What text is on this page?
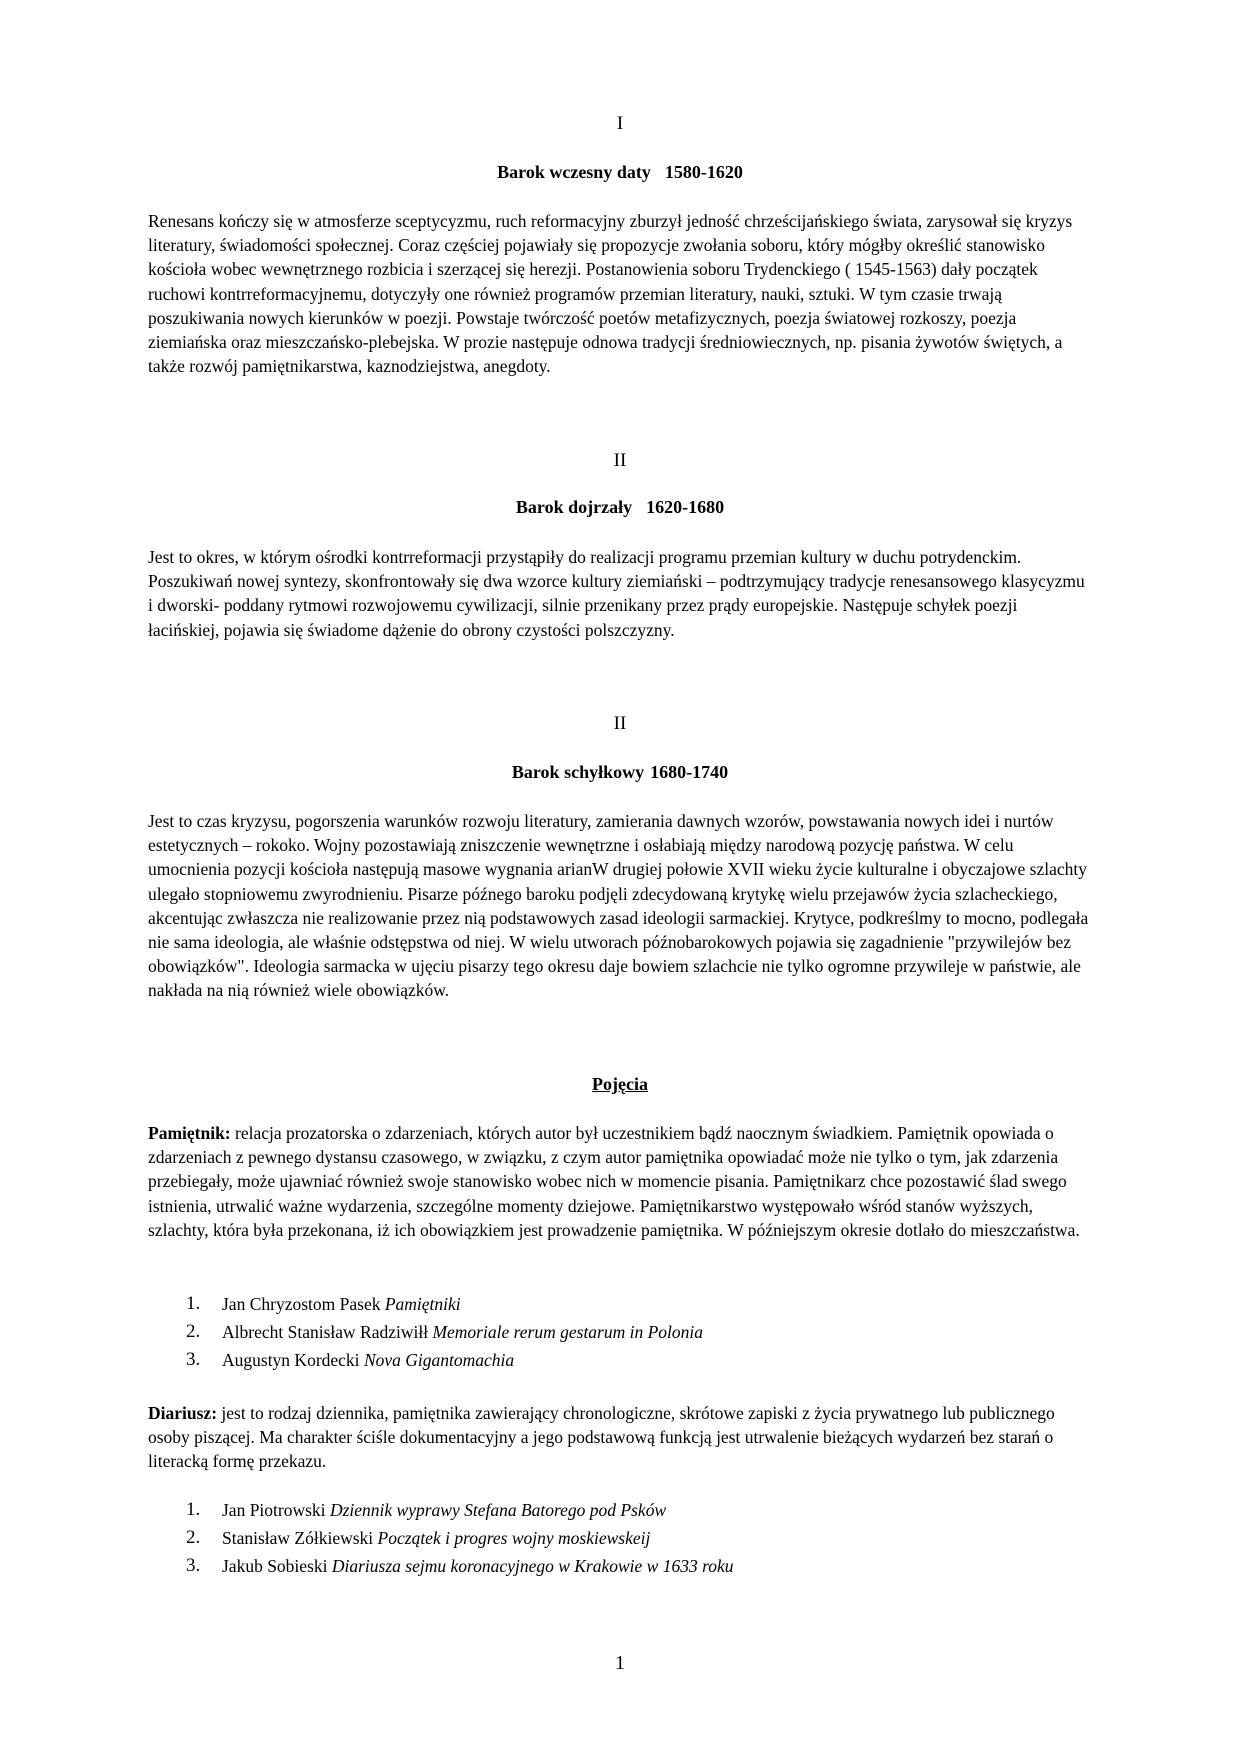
I
Barok wczesny daty 1580-1620

Renesans kończy się w atmosferze sceptycyzmu, ruch reformacyjny zburzył jedność chrześcijańskiego świata, zarysował się kryzys literatury, świadomości społecznej. Coraz częściej pojawiały się propozycje zwołania soboru, który mógłby określić stanowisko kościoła wobec wewnętrznego rozbicia i szerzącej się herezji. Postanowienia soboru Trydenckiego ( 1545-1563) dały początek ruchowi kontrreformacyjnemu, dotyczyły one również programów przemian literatury, nauki, sztuki. W tym czasie trwają poszukiwania nowych kierunków w poezji. Powstaje twórczość poetów metafizycznych, poezja światowej rozkoszy, poezja ziemiańska oraz mieszczańsko-plebejska. W prozie następuje odnowa tradycji średniowiecznych, np. pisania żywotów świętych, a także rozwój pamiętnikarstwa, kaznodziejstwa, anegdoty.

II
Barok dojrzały 1620-1680

Jest to okres, w którym ośrodki kontrreformacji przystąpiły do realizacji programu przemian kultury w duchu potrydenckim. Poszukiwań nowej syntezy, skonfrontowały się dwa wzorce kultury ziemiański – podtrzymujący tradycje renesansowego klasycyzmu i dworski- poddany rytmowi rozwojowemu cywilizacji, silnie przenikany przez prądy europejskie. Następuje schyłek poezji łacińskiej, pojawia się świadome dążenie do obrony czystości polszczyzny.

II
Barok schyłkowy 1680-1740

Jest to czas kryzysu, pogorszenia warunków rozwoju literatury, zamierania dawnych wzorów, powstawania nowych idei i nurtów estetycznych – rokoko. Wojny pozostawiają zniszczenie wewnętrzne i osłabiają między narodową pozycję państwa. W celu umocnienia pozycji kościoła następują masowe wygnania arianW drugiej połowie XVII wieku życie kulturalne i obyczajowe szlachty ulegało stopniowemu zwyrodnieniu. Pisarze późnego baroku podjęli zdecydowaną krytykę wielu przejawów życia szlacheckiego, akcentując zwłaszcza nie realizowanie przez nią podstawowych zasad ideologii sarmackiej. Krytyce, podkreślmy to mocno, podlegała nie sama ideologia, ale właśnie odstępstwa od niej. W wielu utworach późnobarokowych pojawia się zagadnienie "przywilejów bez obowiązków". Ideologia sarmacka w ujęciu pisarzy tego okresu daje bowiem szlachcie nie tylko ogromne przywileje w państwie, ale nakłada na nią również wiele obowiązków.

Pojęcia

Pamiętnik: relacja prozatorska o zdarzeniach, których autor był uczestnikiem bądź naocznym świadkiem. Pamiętnik opowiada o zdarzeniach z pewnego dystansu czasowego, w związku, z czym autor pamiętnika opowiadać może nie tylko o tym, jak zdarzenia przebiegały, może ujawniać również swoje stanowisko wobec nich w momencie pisania. Pamiętnikarz chce pozostawić ślad swego istnienia, utrwalić ważne wydarzenia, szczególne momenty dziejowe. Pamiętnikarstwo występowało wśród stanów wyższych, szlachty, która była przekonana, iż ich obowiązkiem jest prowadzenie pamiętnika. W późniejszym okresie dotlało do mieszczaństwa.

1. Jan Chryzostom Pasek Pamiętniki
2. Albrecht Stanisław Radziwiłł Memoriale rerum gestarum in Polonia
3. Augustyn Kordecki Nova Gigantomachia

Diariusz: jest to rodzaj dziennika, pamiętnika zawierający chronologiczne, skrótowe zapiski z życia prywatnego lub publicznego osoby piszącej. Ma charakter ściśle dokumentacyjny a jego podstawową funkcją jest utrwalenie bieżących wydarzeń bez starań o literacką formę przekazu.

1. Jan Piotrowski Dziennik wyprawy Stefana Batorego pod Psków
2. Stanisław Zółkiewski Początek i progres wojny moskiewskeij
3. Jakub Sobieski Diariusza sejmu koronacyjnego w Krakowie w 1633 roku
1
